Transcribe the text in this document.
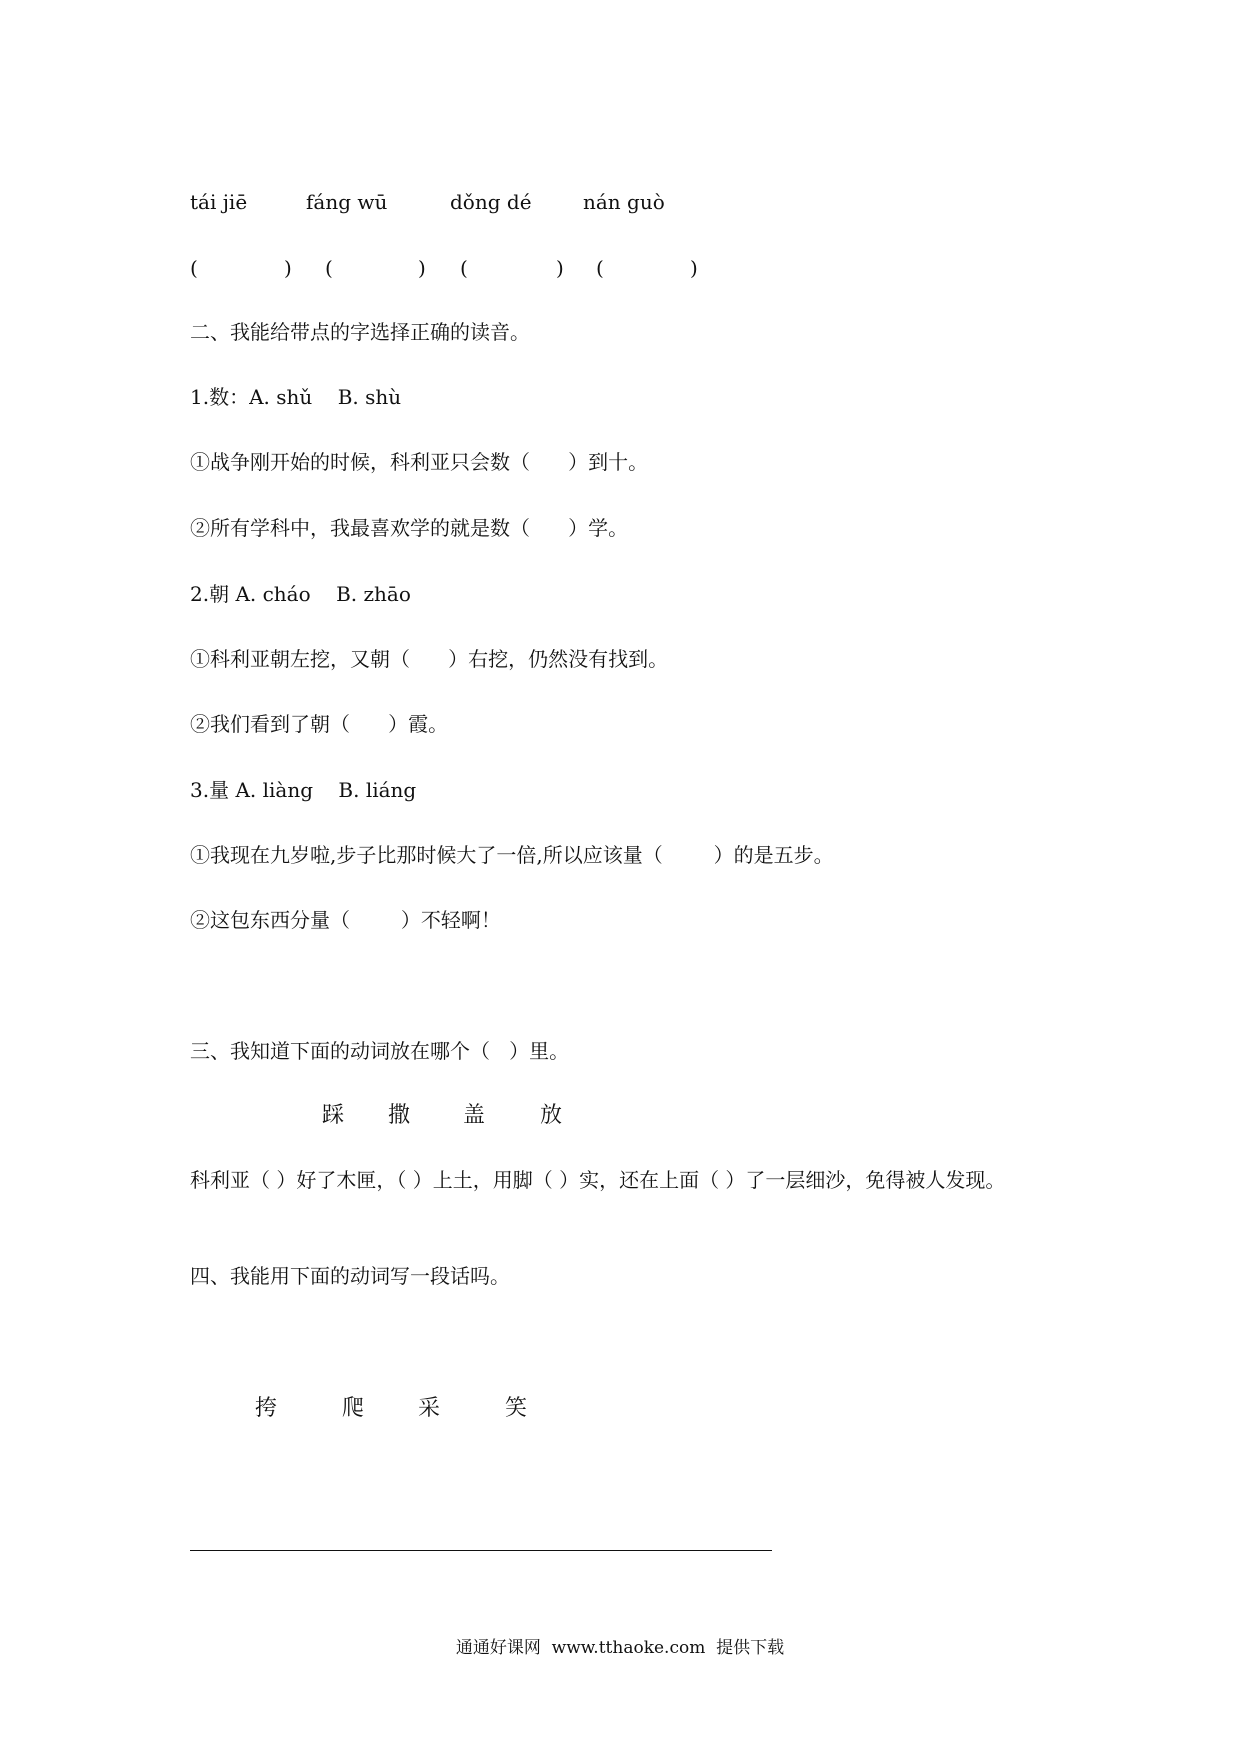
tái jiē	fáng wū	dǒng dé	nán guò
(	) (	) (	) (	)
二、我能给带点的字选择正确的读音。
1.数：A. shǔ    B. shù
①战争刚开始的时候，科利亚只会数（      ）到十。
②所有学科中，我最喜欢学的就是数（      ）学。
2.朝 A. cháo    B. zhāo
①科利亚朝左挖，又朝（      ）右挖，仍然没有找到。
②我们看到了朝（      ）霞。
3.量 A. liàng    B. liáng
①我现在九岁啦,步子比那时候大了一倍,所以应该量（        ）的是五步。
②这包东西分量（        ）不轻啊！
三、我知道下面的动词放在哪个（   ）里。
踩 撒 盖 放
科利亚（ ）好了木匣，（ ）上土，用脚（ ）实，还在上面（ ）了一层细沙，免得被人发现。
四、我能用下面的动词写一段话吗。
挎	爬 采	笑
通通好课网  www.tthaoke.com  提供下载
